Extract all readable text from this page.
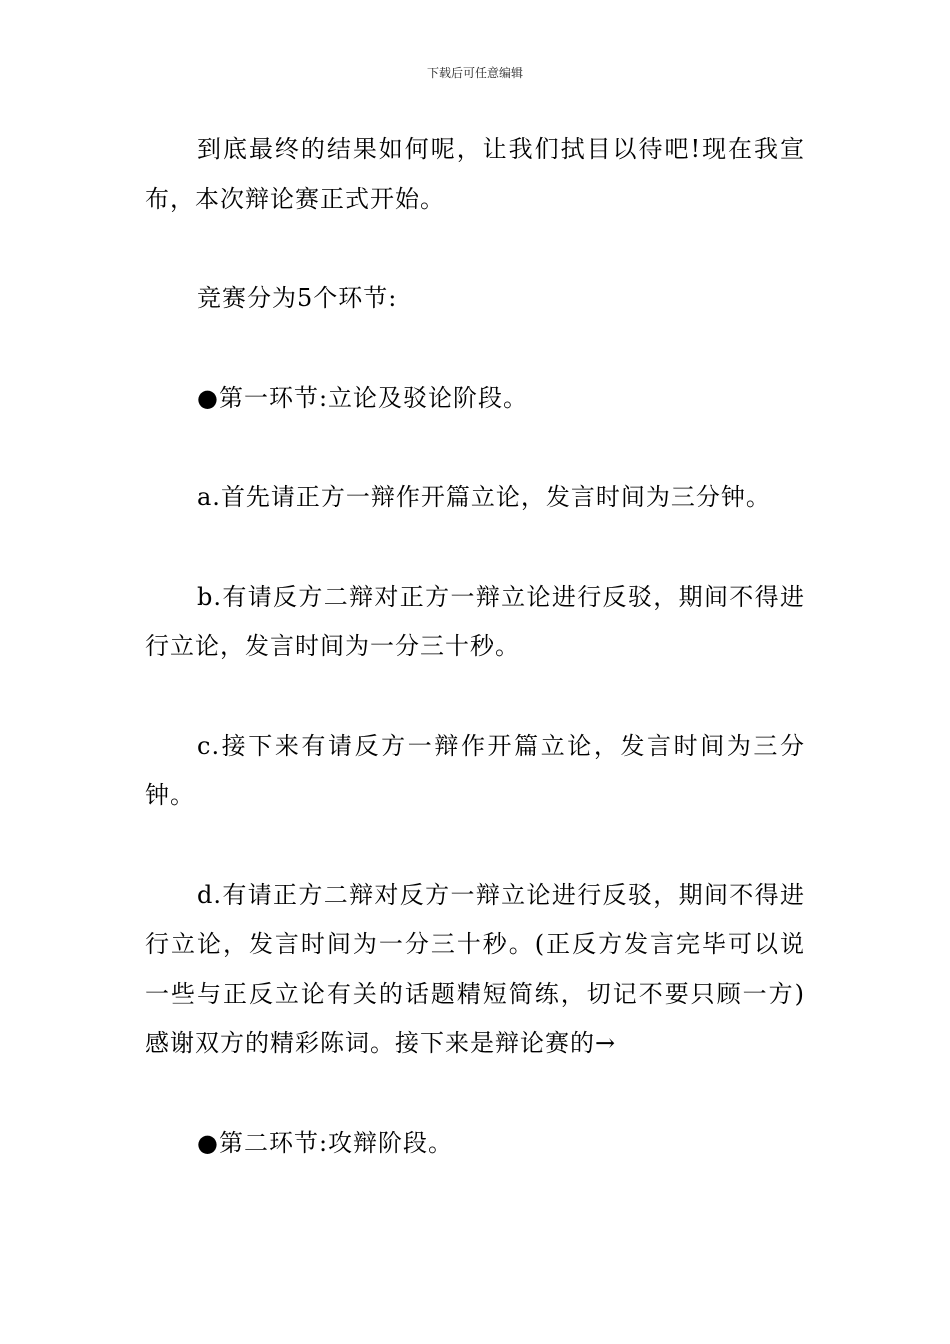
下载后可任意编辑

到底最终的结果如何呢，让我们拭目以待吧!现在我宣布，本次辩论赛正式开始。

竞赛分为5个环节:

●第一环节:立论及驳论阶段。

a.首先请正方一辩作开篇立论，发言时间为三分钟。

b.有请反方二辩对正方一辩立论进行反驳，期间不得进行立论，发言时间为一分三十秒。

c.接下来有请反方一辩作开篇立论，发言时间为三分钟。

d.有请正方二辩对反方一辩立论进行反驳，期间不得进行立论，发言时间为一分三十秒。(正反方发言完毕可以说一些与正反立论有关的话题精短简练，切记不要只顾一方)感谢双方的精彩陈词。接下来是辩论赛的→

●第二环节:攻辩阶段。
